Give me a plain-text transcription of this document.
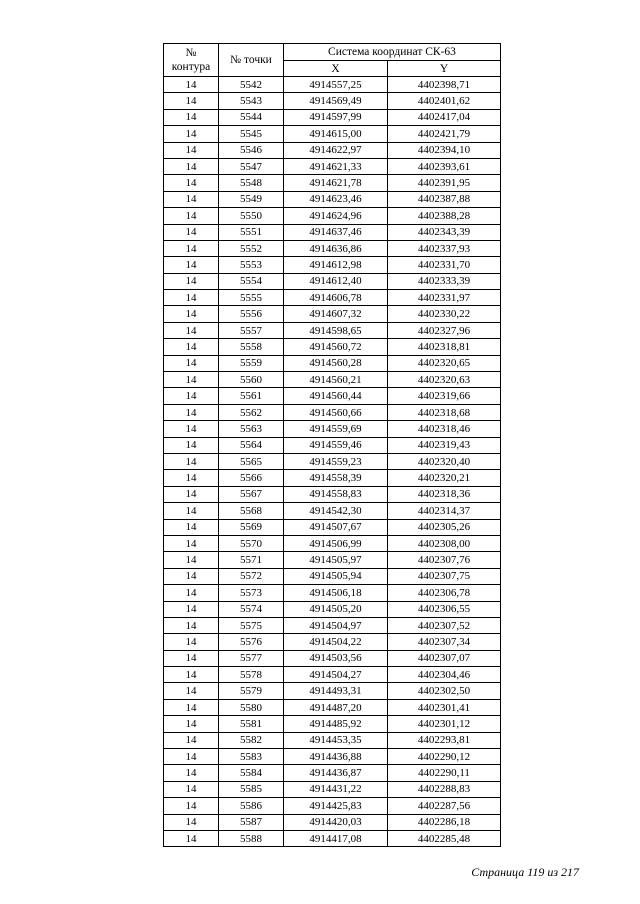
№
контура	№ точки	Система координат СК-63	
		X	Y
14	5542	4914557,25	4402398,71
14	5543	4914569,49	4402401,62
14	5544	4914597,99	4402417,04
14	5545	4914615,00	4402421,79
14	5546	4914622,97	4402394,10
14	5547	4914621,33	4402393,61
14	5548	4914621,78	4402391,95
14	5549	4914623,46	4402387,88
14	5550	4914624,96	4402388,28
14	5551	4914637,46	4402343,39
14	5552	4914636,86	4402337,93
14	5553	4914612,98	4402331,70
14	5554	4914612,40	4402333,39
14	5555	4914606,78	4402331,97
14	5556	4914607,32	4402330,22
14	5557	4914598,65	4402327,96
14	5558	4914560,72	4402318,81
14	5559	4914560,28	4402320,65
14	5560	4914560,21	4402320,63
14	5561	4914560,44	4402319,66
14	5562	4914560,66	4402318,68
14	5563	4914559,69	4402318,46
14	5564	4914559,46	4402319,43
14	5565	4914559,23	4402320,40
14	5566	4914558,39	4402320,21
14	5567	4914558,83	4402318,36
14	5568	4914542,30	4402314,37
14	5569	4914507,67	4402305,26
14	5570	4914506,99	4402308,00
14	5571	4914505,97	4402307,76
14	5572	4914505,94	4402307,75
14	5573	4914506,18	4402306,78
14	5574	4914505,20	4402306,55
14	5575	4914504,97	4402307,52
14	5576	4914504,22	4402307,34
14	5577	4914503,56	4402307,07
14	5578	4914504,27	4402304,46
14	5579	4914493,31	4402302,50
14	5580	4914487,20	4402301,41
14	5581	4914485,92	4402301,12
14	5582	4914453,35	4402293,81
14	5583	4914436,88	4402290,12
14	5584	4914436,87	4402290,11
14	5585	4914431,22	4402288,83
14	5586	4914425,83	4402287,56
14	5587	4914420,03	4402286,18
14	5588	4914417,08	4402285,48
Страница 119 из 217
